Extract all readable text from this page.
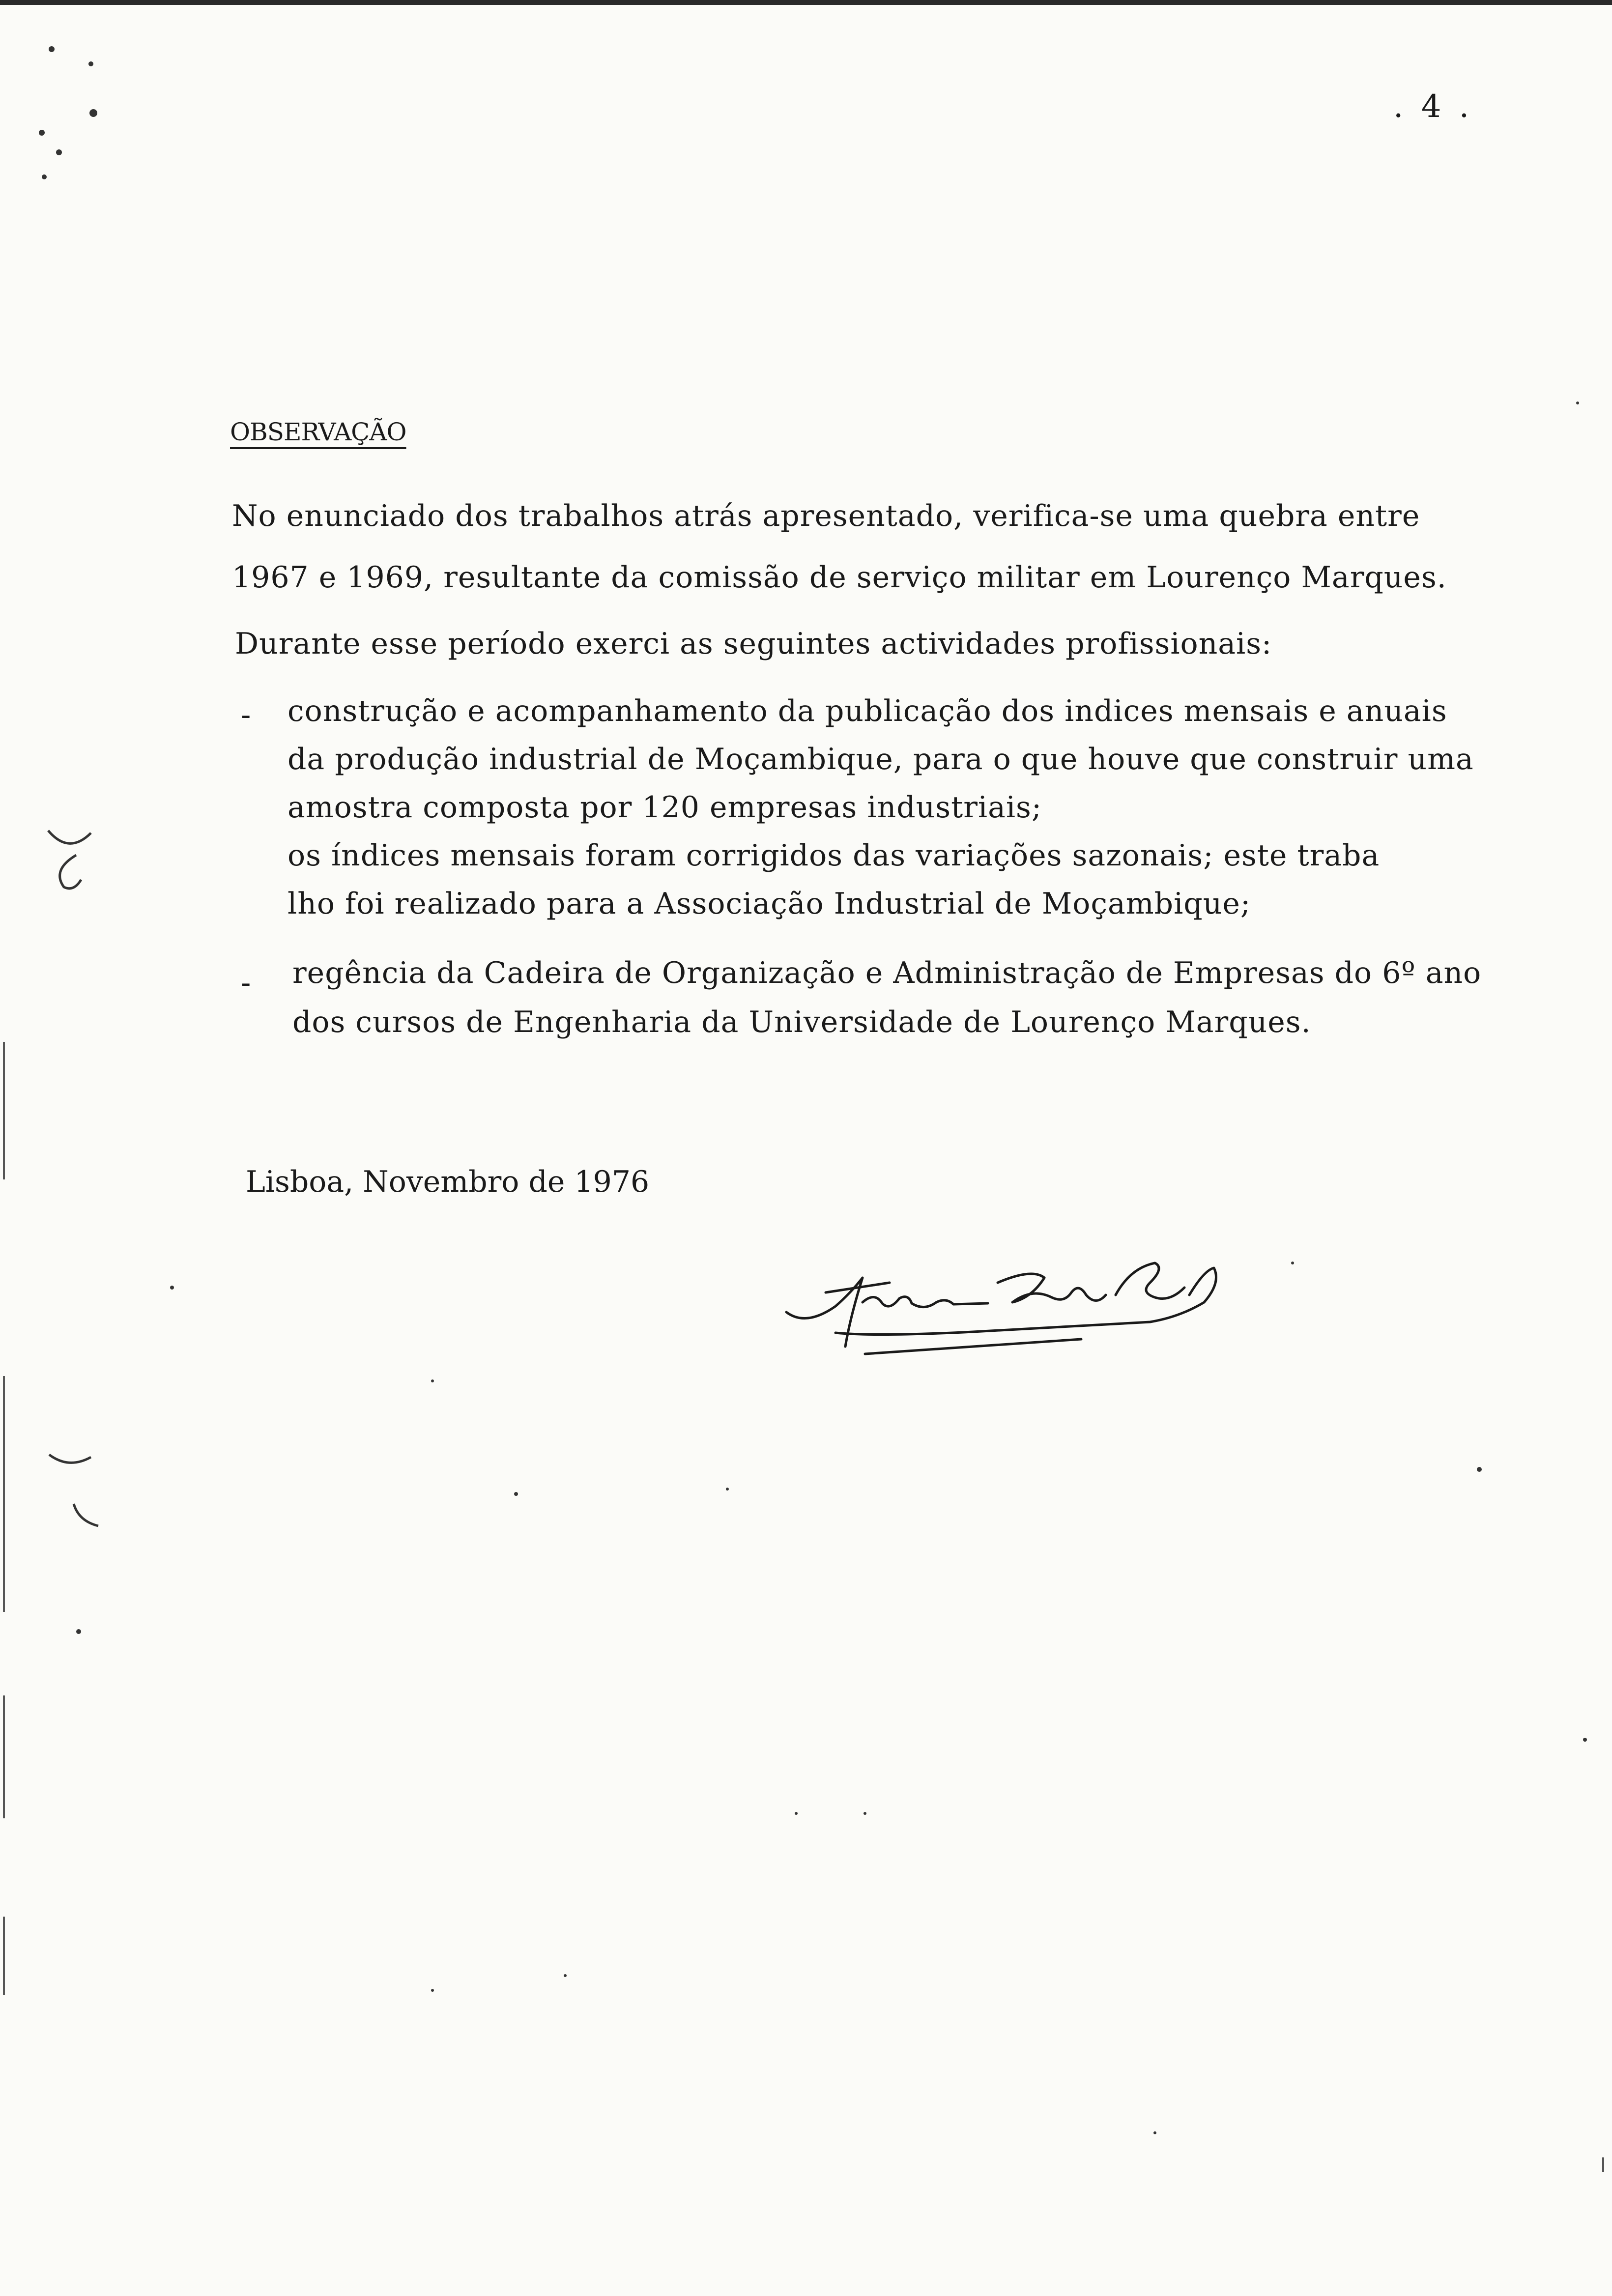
. 4 .
OBSERVAÇÃO
No enunciado dos trabalhos atrás apresentado, verifica-se uma quebra entre
1967 e 1969, resultante da comissão de serviço militar em Lourenço Marques.
Durante esse período exerci as seguintes actividades profissionais:
- construção e acompanhamento da publicação dos indices mensais e anuais
da produção industrial de Moçambique, para o que houve que construir uma
amostra composta por 120 empresas industriais;
os índices mensais foram corrigidos das variações sazonais; este traba
lho foi realizado para a Associação Industrial de Moçambique;
- regência da Cadeira de Organização e Administração de Empresas do 6º ano
dos cursos de Engenharia da Universidade de Lourenço Marques.
Lisboa, Novembro de 1976
